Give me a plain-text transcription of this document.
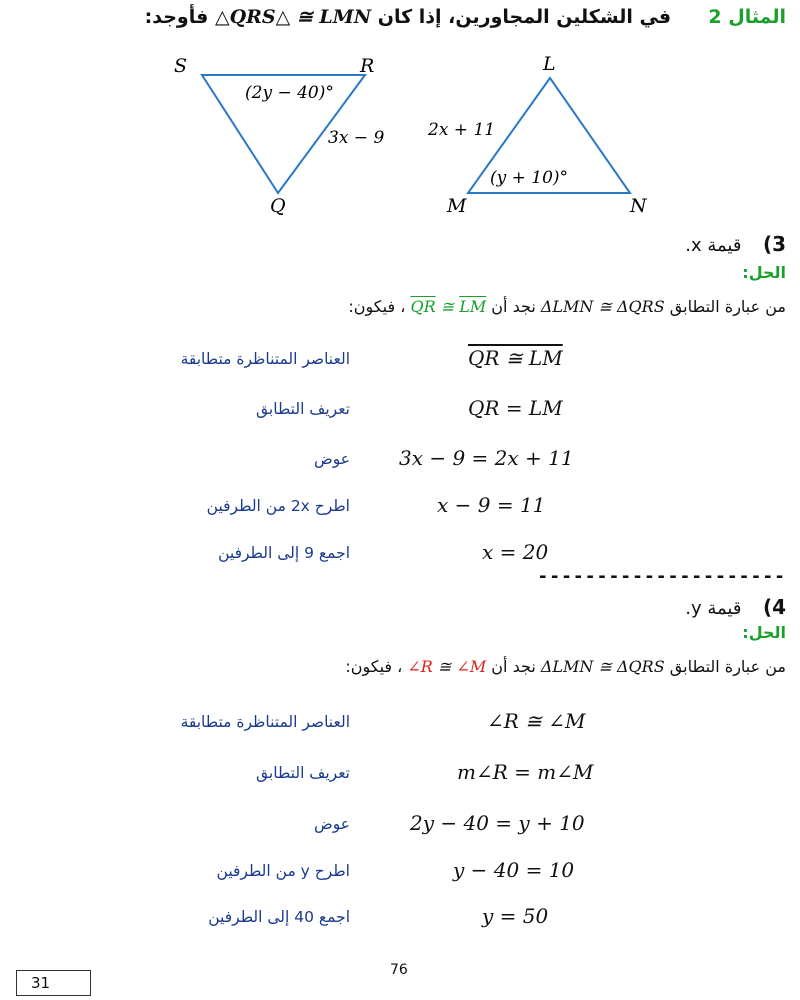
المثال 2  في الشكلين المجاورين، إذا كان QRS△ ≅ LMN△ فأوجد:
S	R
Q
(2y − 40)°
3x − 9
L
M	N
(y + 10)°
2x + 11
3)  قيمة x.
الحل:
من عبارة التطابق ΔLMN ≅ ΔQRS نجد أن $\overline{QR}$ ≅ $\overline{LM}$ ، فيكون:
العناصر المتناظرة متطابقة	QR ≅ LM
تعريف التطابق	QR = LM
عوض 3x − 9 = 2x + 11
اطرح 2x من الطرفين	x − 9 = 11
اجمع 9 إلى الطرفين	x = 20
---------------------
4)  قيمة y.
الحل:
من عبارة التطابق ΔLMN ≅ ΔQRS نجد أن ∠R ≅ ∠M ، فيكون:
العناصر المتناظرة متطابقة	∠R ≅ ∠M
تعريف التطابق	m∠R = m∠M
عوض	2y − 40 = y + 10
اطرح y من الطرفين	y − 40 = 10
اجمع 40 إلى الطرفين	y = 50
76
31
